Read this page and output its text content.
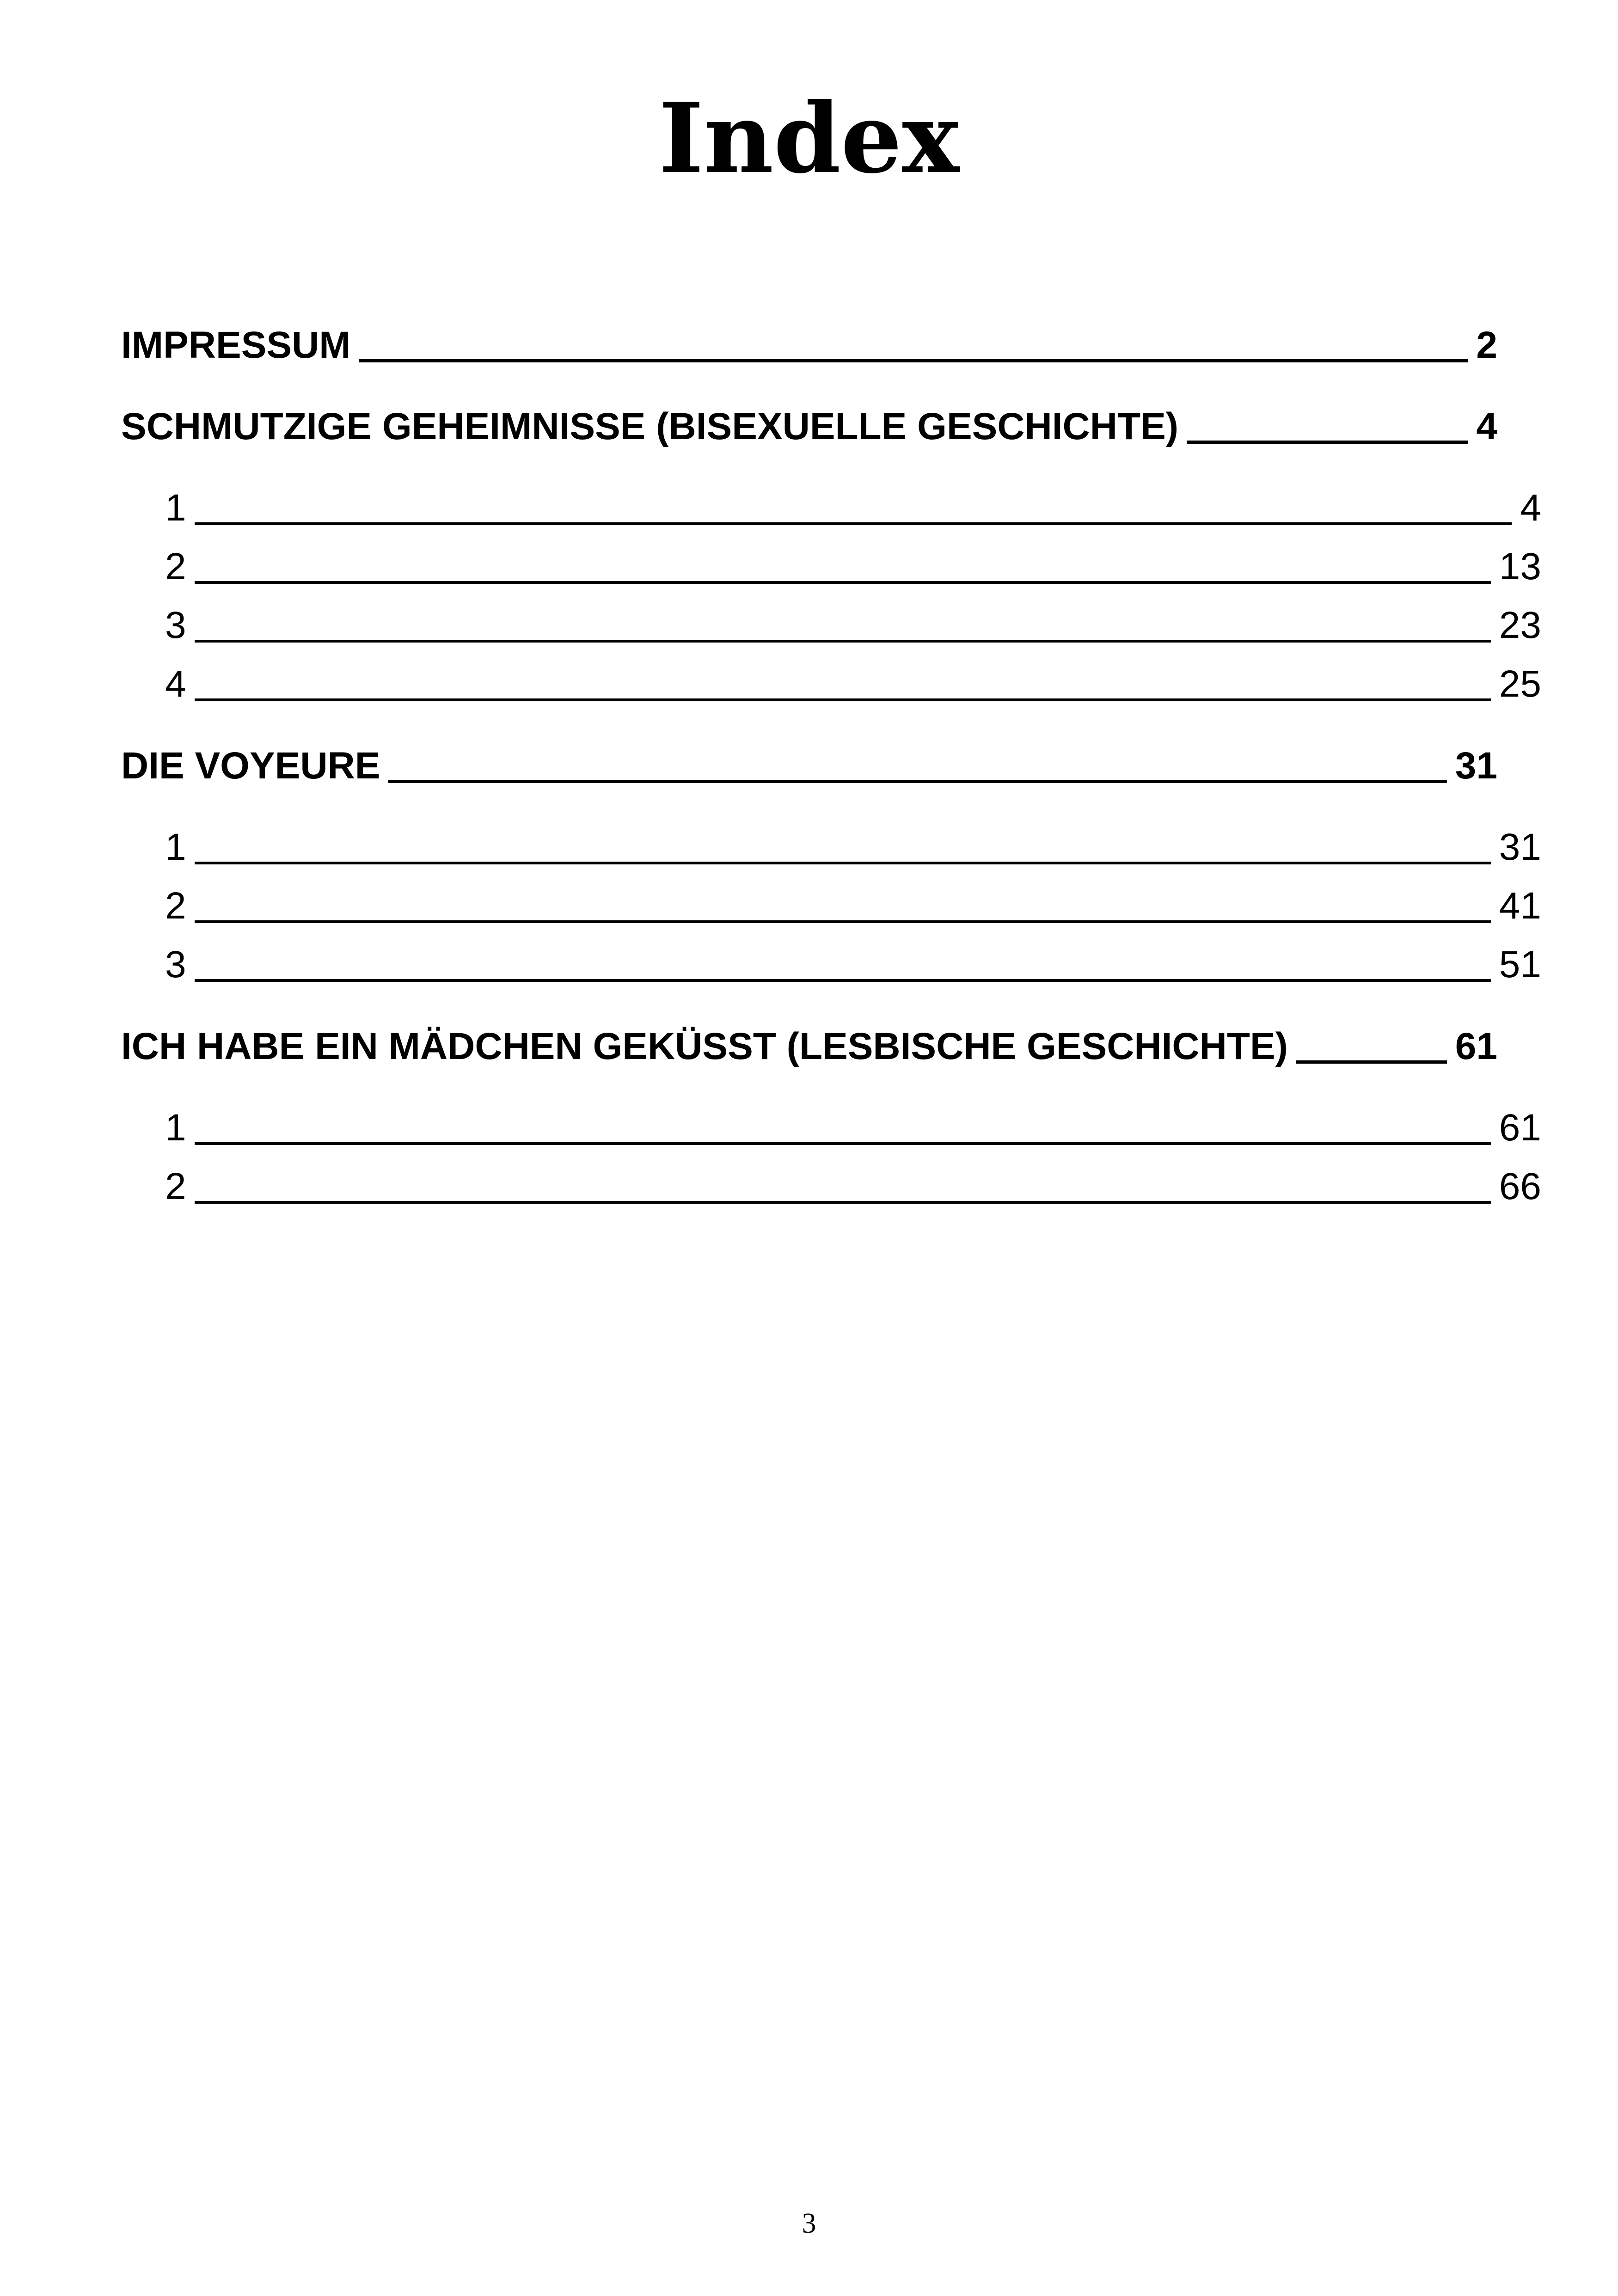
Index
IMPRESSUM	2
SCHMUTZIGE GEHEIMNISSE (BISEXUELLE GESCHICHTE)	4
1	4
2	13
3	23
4	25
DIE VOYEURE	31
1	31
2	41
3	51
ICH HABE EIN MÄDCHEN GEKÜSST (LESBISCHE GESCHICHTE)	61
1	61
2	66
3
